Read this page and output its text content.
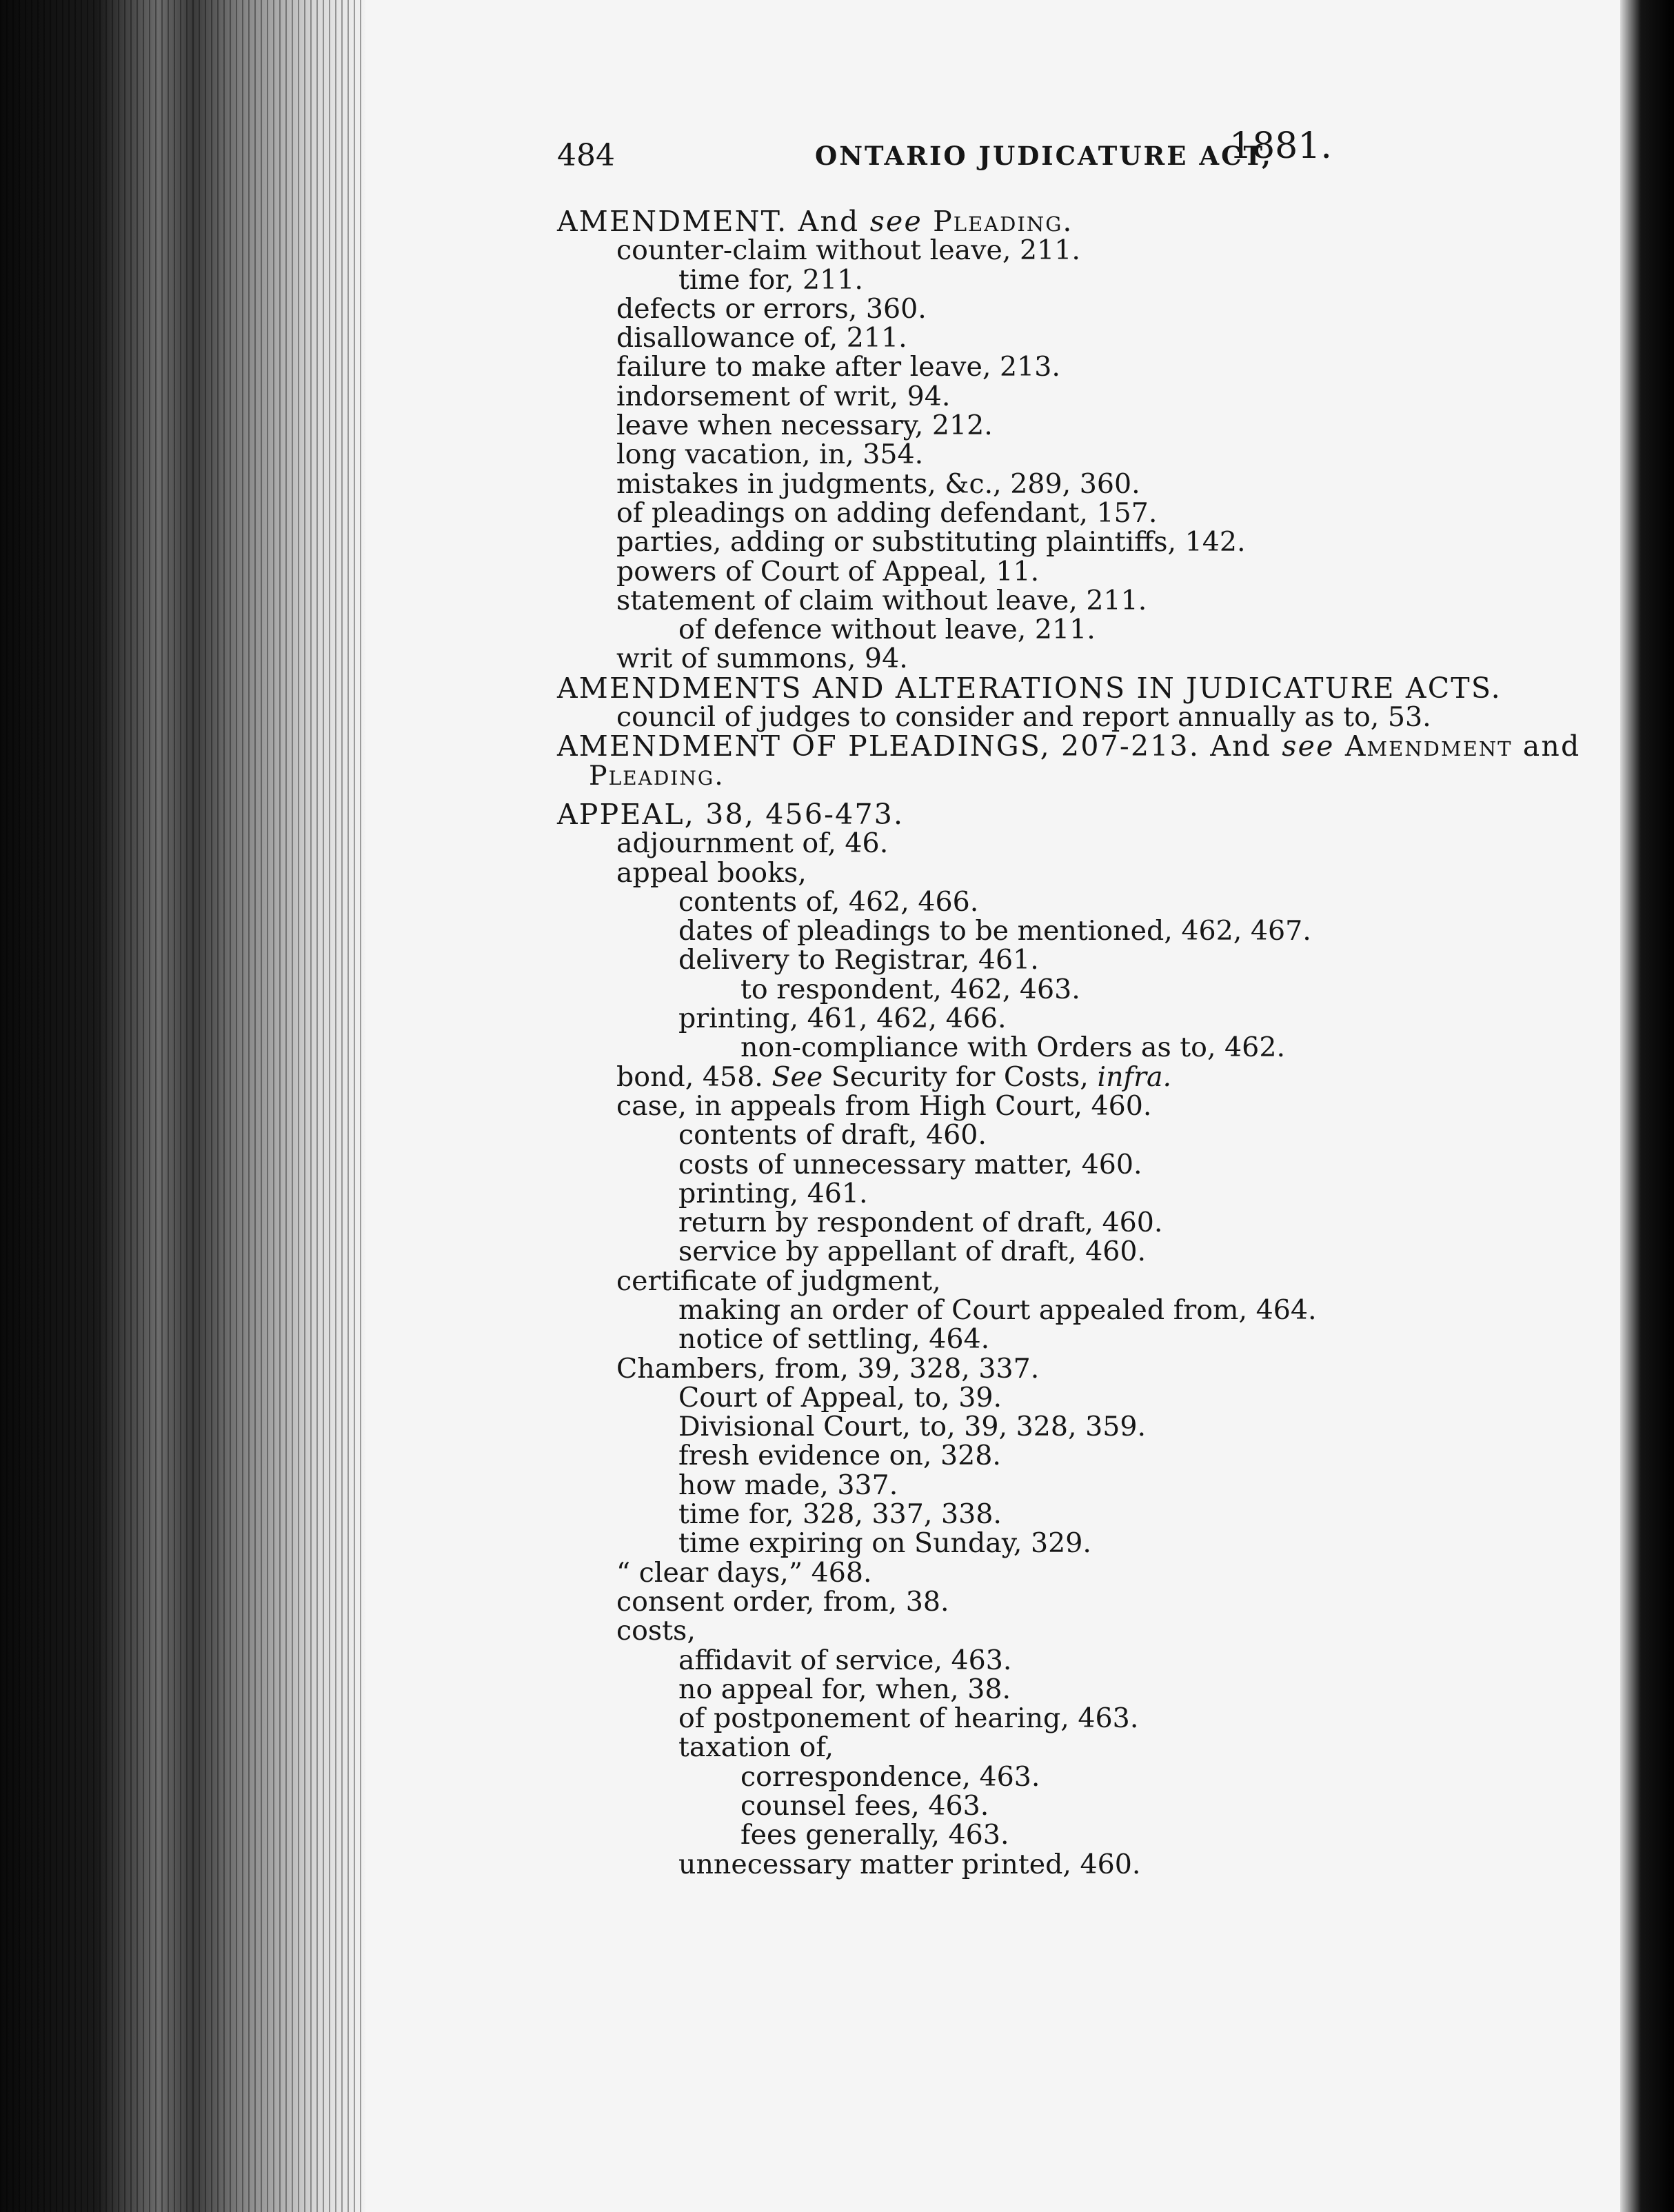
484	ONTARIO JUDICATURE ACT,
1881.
AMENDMENT. And see Pleading.
counter-claim without leave, 211.
time for, 211.
defects or errors, 360.
disallowance of, 211.
failure to make after leave, 213.
indorsement of writ, 94.
leave when necessary, 212.
long vacation, in, 354.
mistakes in judgments, &c., 289, 360.
of pleadings on adding defendant, 157.
parties, adding or substituting plaintiffs, 142.
powers of Court of Appeal, 11.
statement of claim without leave, 211.
of defence without leave, 211.
writ of summons, 94.
AMENDMENTS AND ALTERATIONS IN JUDICATURE ACTS.
council of judges to consider and report annually as to, 53.
AMENDMENT OF PLEADINGS, 207-213. And see Amendment and
Pleading.
APPEAL, 38, 456-473.
adjournment of, 46.
appeal books,
contents of, 462, 466.
dates of pleadings to be mentioned, 462, 467.
delivery to Registrar, 461.
to respondent, 462, 463.
printing, 461, 462, 466.
non-compliance with Orders as to, 462.
bond, 458. See Security for Costs, infra.
case, in appeals from High Court, 460.
contents of draft, 460.
costs of unnecessary matter, 460.
printing, 461.
return by respondent of draft, 460.
service by appellant of draft, 460.
certificate of judgment,
making an order of Court appealed from, 464.
notice of settling, 464.
Chambers, from, 39, 328, 337.
Court of Appeal, to, 39.
Divisional Court, to, 39, 328, 359.
fresh evidence on, 328.
how made, 337.
time for, 328, 337, 338.
time expiring on Sunday, 329.
“ clear days,” 468.
consent order, from, 38.
costs,
affidavit of service, 463.
no appeal for, when, 38.
of postponement of hearing, 463.
taxation of,
correspondence, 463.
counsel fees, 463.
fees generally, 463.
unnecessary matter printed, 460.
